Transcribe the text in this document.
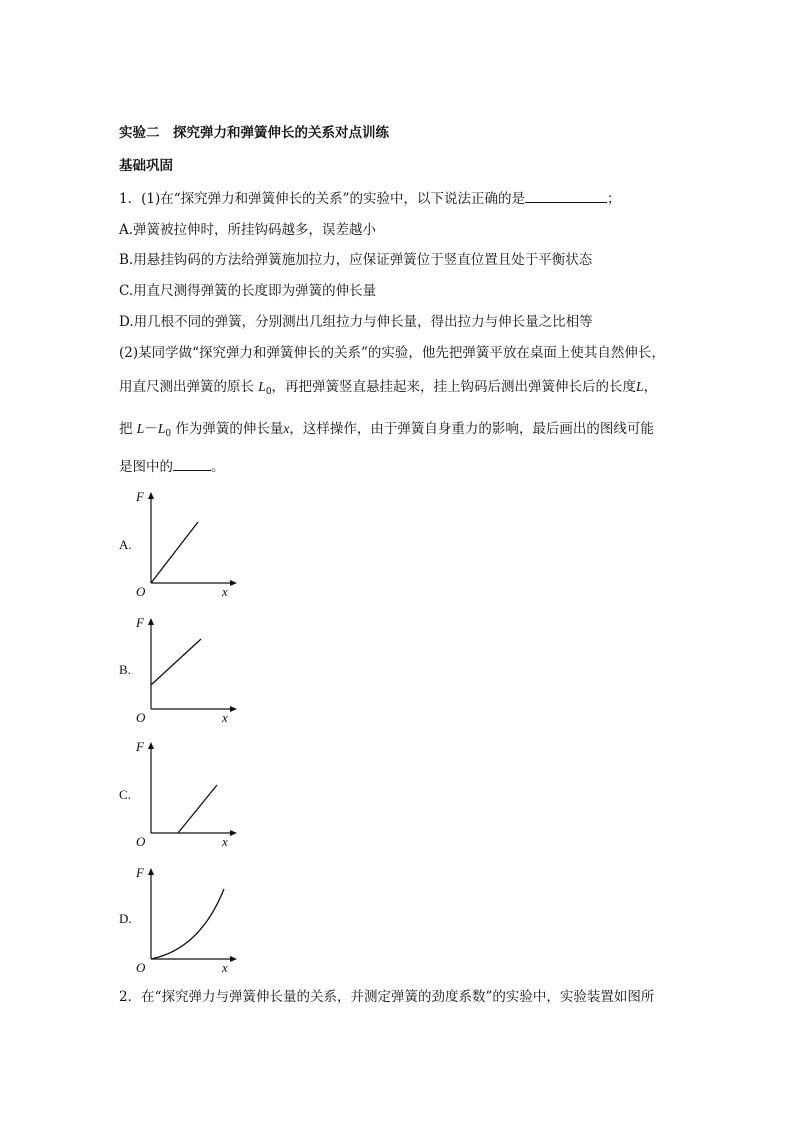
实验二　探究弹力和弹簧伸长的关系对点训练
基础巩固
1．(1)在“探究弹力和弹簧伸长的关系”的实验中，以下说法正确的是	；
A.弹簧被拉伸时，所挂钩码越多，误差越小
B.用悬挂钩码的方法给弹簧施加拉力，应保证弹簧位于竖直位置且处于平衡状态
C.用直尺测得弹簧的长度即为弹簧的伸长量
D.用几根不同的弹簧，分别测出几组拉力与伸长量，得出拉力与伸长量之比相等
(2)某同学做“探究弹力和弹簧伸长的关系”的实验，他先把弹簧平放在桌面上使其自然伸长，
用直尺测出弹簧的原长 $L_0$，再把弹簧竖直悬挂起来，挂上钩码后测出弹簧伸长后的长度L，
把 $L-L_0$ 作为弹簧的伸长量x，这样操作，由于弹簧自身重力的影响，最后画出的图线可能
是图中的	。
A.
F
x
O
B.
F
x
O
C.
F
x
O
D.
F
x
O
2．在“探究弹力与弹簧伸长量的关系，并测定弹簧的劲度系数”的实验中，实验装置如图所
